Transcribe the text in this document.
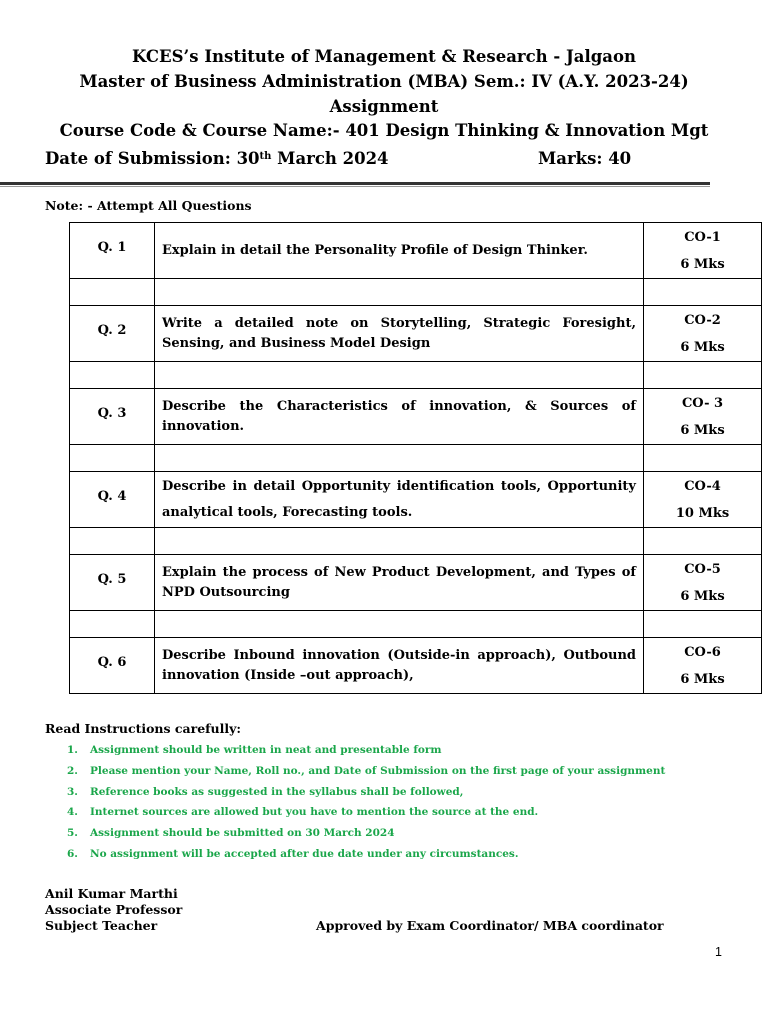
KCES’s Institute of Management & Research - Jalgaon
Master of Business Administration (MBA) Sem.: IV (A.Y. 2023-24)
Assignment
Course Code & Course Name:- 401 Design Thinking & Innovation Mgt
Date of Submission: 30th March 2024	Marks: 40
Note: - Attempt All Questions
Q. 1	Explain in detail the Personality Profile of Design Thinker.	CO-1
6 Mks

Q. 2	Write a detailed note on Storytelling, Strategic Foresight, Sensing, and Business Model Design	CO-2
6 Mks

Q. 3	Describe the Characteristics of innovation, & Sources of innovation.	CO- 3
6 Mks

Q. 4	Describe in detail Opportunity identification tools, Opportunity analytical tools, Forecasting tools.	CO-4
10 Mks

Q. 5	Explain the process of New Product Development, and Types of NPD Outsourcing	CO-5
6 Mks

Q. 6	Describe Inbound innovation (Outside-in approach), Outbound innovation (Inside –out approach),	CO-6
6 Mks
Read Instructions carefully:
1.	Assignment should be written in neat and presentable form
2.	Please mention your Name, Roll no., and Date of Submission on the first page of your assignment
3.	Reference books as suggested in the syllabus shall be followed,
4.	Internet sources are allowed but you have to mention the source at the end.
5.	Assignment should be submitted on 30 March 2024
6.	No assignment will be accepted after due date under any circumstances.
Anil Kumar Marthi
Associate Professor
Subject Teacher	Approved by Exam Coordinator/ MBA coordinator
1
